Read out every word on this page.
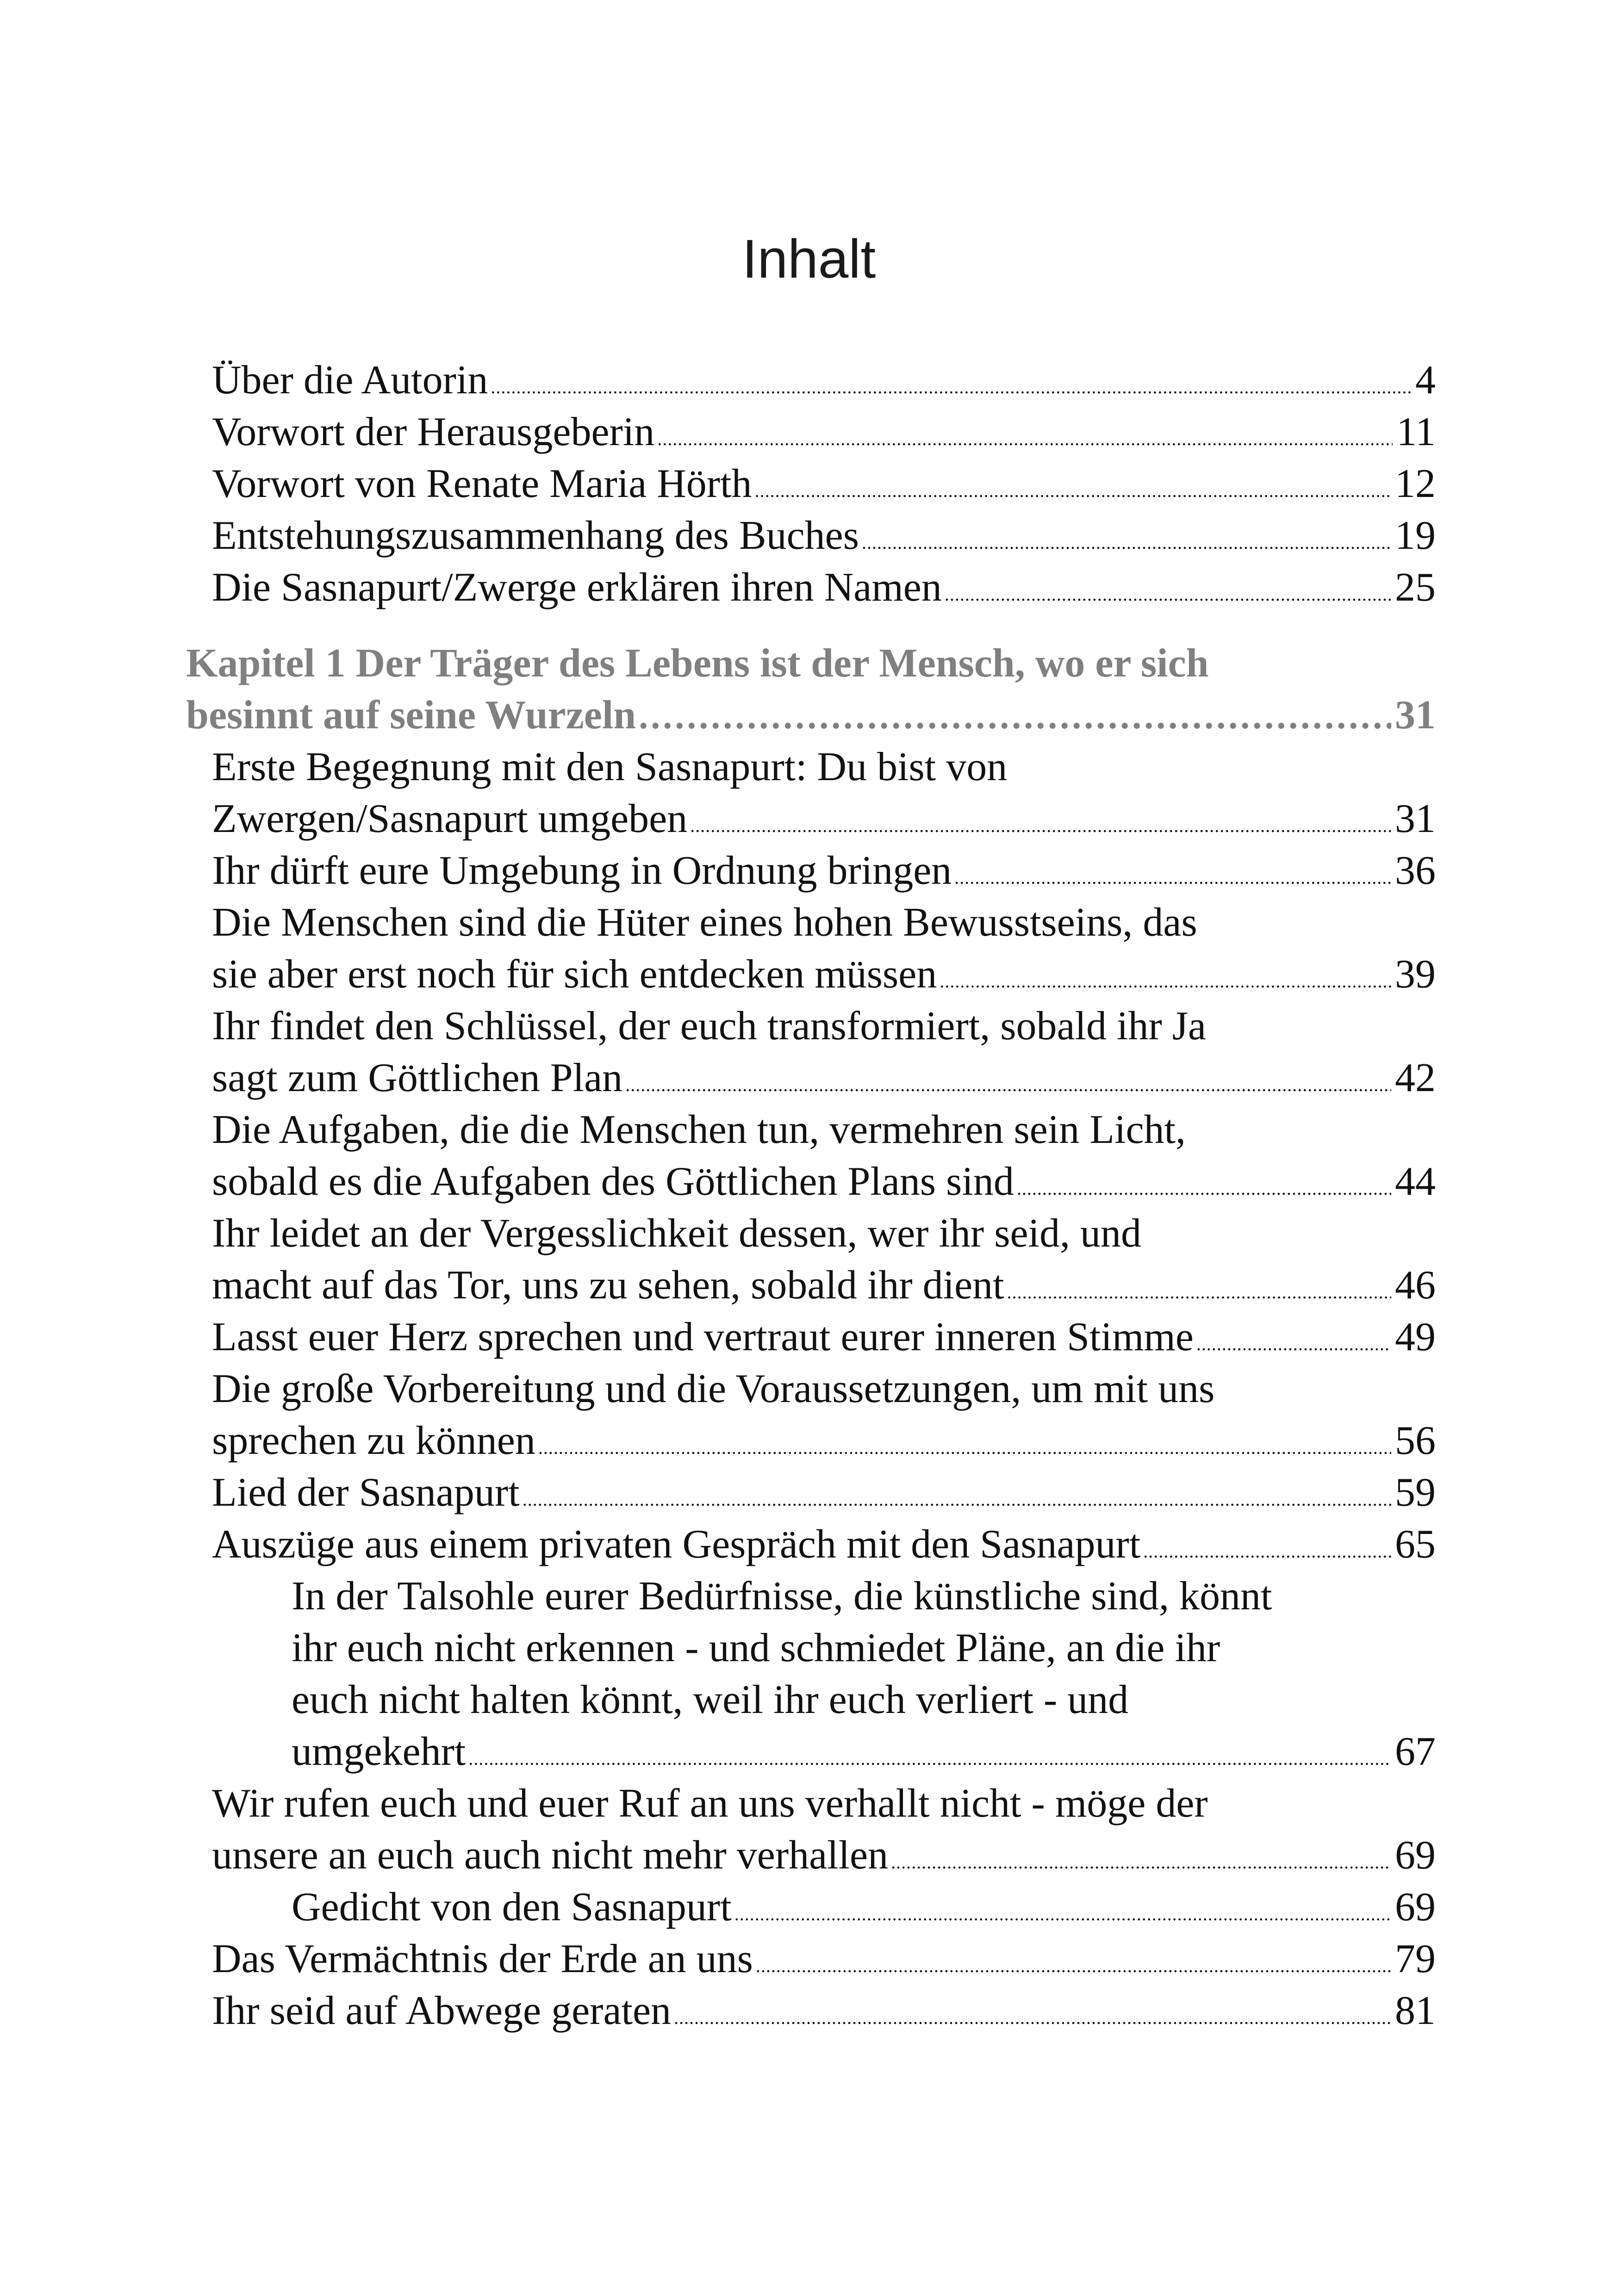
Inhalt
Über die Autorin .....	4
Vorwort der Herausgeberin .....	11
Vorwort von Renate Maria Hörth .....	12
Entstehungszusammenhang des Buches .....	19
Die Sasnapurt/Zwerge erklären ihren Namen .....	25
Kapitel 1 Der Träger des Lebens ist der Mensch, wo er sich
besinnt auf seine Wurzeln .....	31
Erste Begegnung mit den Sasnapurt: Du bist von
Zwergen/Sasnapurt umgeben .....	31
Ihr dürft eure Umgebung in Ordnung bringen .....	36
Die Menschen sind die Hüter eines hohen Bewusstseins, das
sie aber erst noch für sich entdecken müssen .....	39
Ihr findet den Schlüssel, der euch transformiert, sobald ihr Ja
sagt zum Göttlichen Plan .....	42
Die Aufgaben, die die Menschen tun, vermehren sein Licht,
sobald es die Aufgaben des Göttlichen Plans sind .....	44
Ihr leidet an der Vergesslichkeit dessen, wer ihr seid, und
macht auf das Tor, uns zu sehen, sobald ihr dient .....	46
Lasst euer Herz sprechen und vertraut eurer inneren Stimme .....	49
Die große Vorbereitung und die Voraussetzungen, um mit uns
sprechen zu können .....	56
Lied der Sasnapurt .....	59
Auszüge aus einem privaten Gespräch mit den Sasnapurt .....	65
In der Talsohle eurer Bedürfnisse, die künstliche sind, könnt
ihr euch nicht erkennen - und schmiedet Pläne, an die ihr
euch nicht halten könnt, weil ihr euch verliert - und
umgekehrt .....	67
Wir rufen euch und euer Ruf an uns verhallt nicht - möge der
unsere an euch auch nicht mehr verhallen .....	69
Gedicht von den Sasnapurt .....	69
Das Vermächtnis der Erde an uns .....	79
Ihr seid auf Abwege geraten .....	81
